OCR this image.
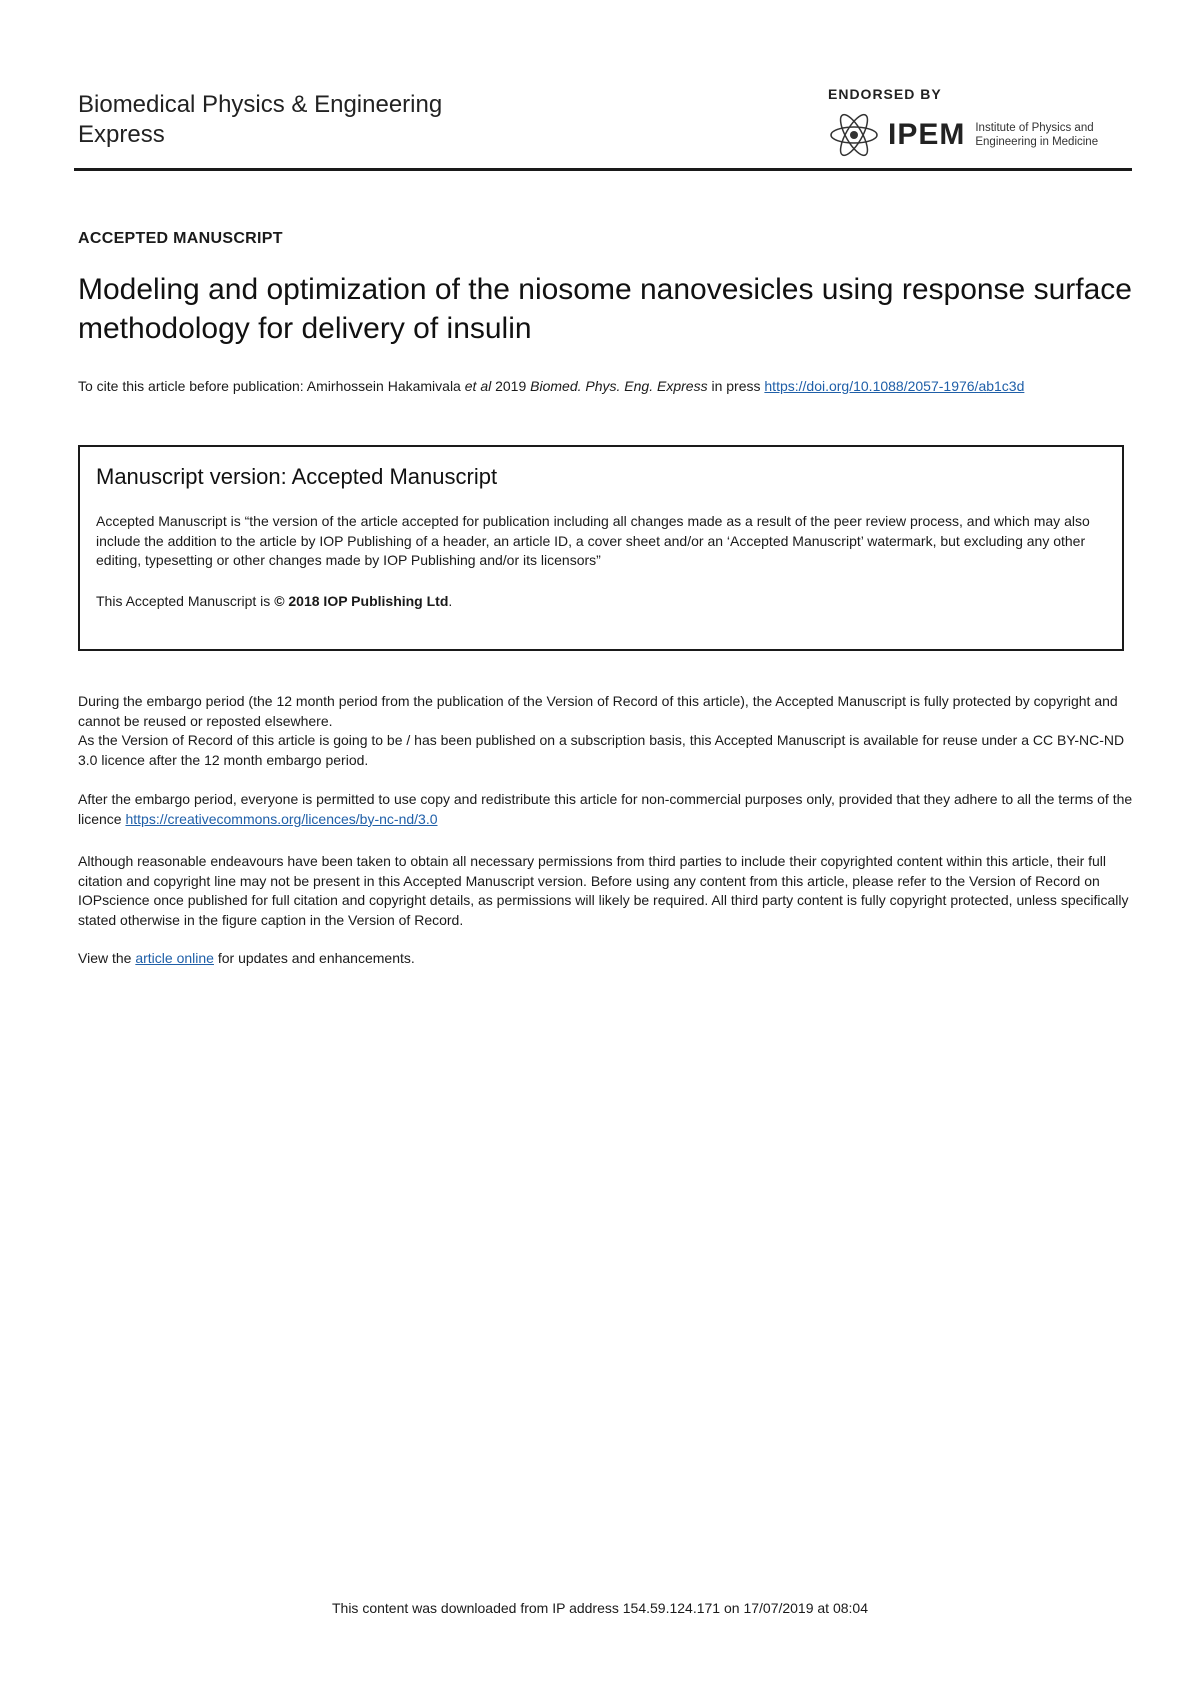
Biomedical Physics & Engineering
Express
ENDORSED BY
IPEM Institute of Physics and
Engineering in Medicine
ACCEPTED MANUSCRIPT
Modeling and optimization of the niosome nanovesicles using response surface methodology for delivery of insulin
To cite this article before publication: Amirhossein Hakamivala et al 2019 Biomed. Phys. Eng. Express in press https://doi.org/10.1088/2057-1976/ab1c3d
Manuscript version: Accepted Manuscript
Accepted Manuscript is “the version of the article accepted for publication including all changes made as a result of the peer review process, and which may also include the addition to the article by IOP Publishing of a header, an article ID, a cover sheet and/or an ‘Accepted Manuscript’ watermark, but excluding any other editing, typesetting or other changes made by IOP Publishing and/or its licensors”
This Accepted Manuscript is © 2018 IOP Publishing Ltd.
During the embargo period (the 12 month period from the publication of the Version of Record of this article), the Accepted Manuscript is fully protected by copyright and cannot be reused or reposted elsewhere.
As the Version of Record of this article is going to be / has been published on a subscription basis, this Accepted Manuscript is available for reuse under a CC BY-NC-ND 3.0 licence after the 12 month embargo period.
After the embargo period, everyone is permitted to use copy and redistribute this article for non-commercial purposes only, provided that they adhere to all the terms of the licence https://creativecommons.org/licences/by-nc-nd/3.0
Although reasonable endeavours have been taken to obtain all necessary permissions from third parties to include their copyrighted content within this article, their full citation and copyright line may not be present in this Accepted Manuscript version. Before using any content from this article, please refer to the Version of Record on IOPscience once published for full citation and copyright details, as permissions will likely be required. All third party content is fully copyright protected, unless specifically stated otherwise in the figure caption in the Version of Record.
View the article online for updates and enhancements.
This content was downloaded from IP address 154.59.124.171 on 17/07/2019 at 08:04
